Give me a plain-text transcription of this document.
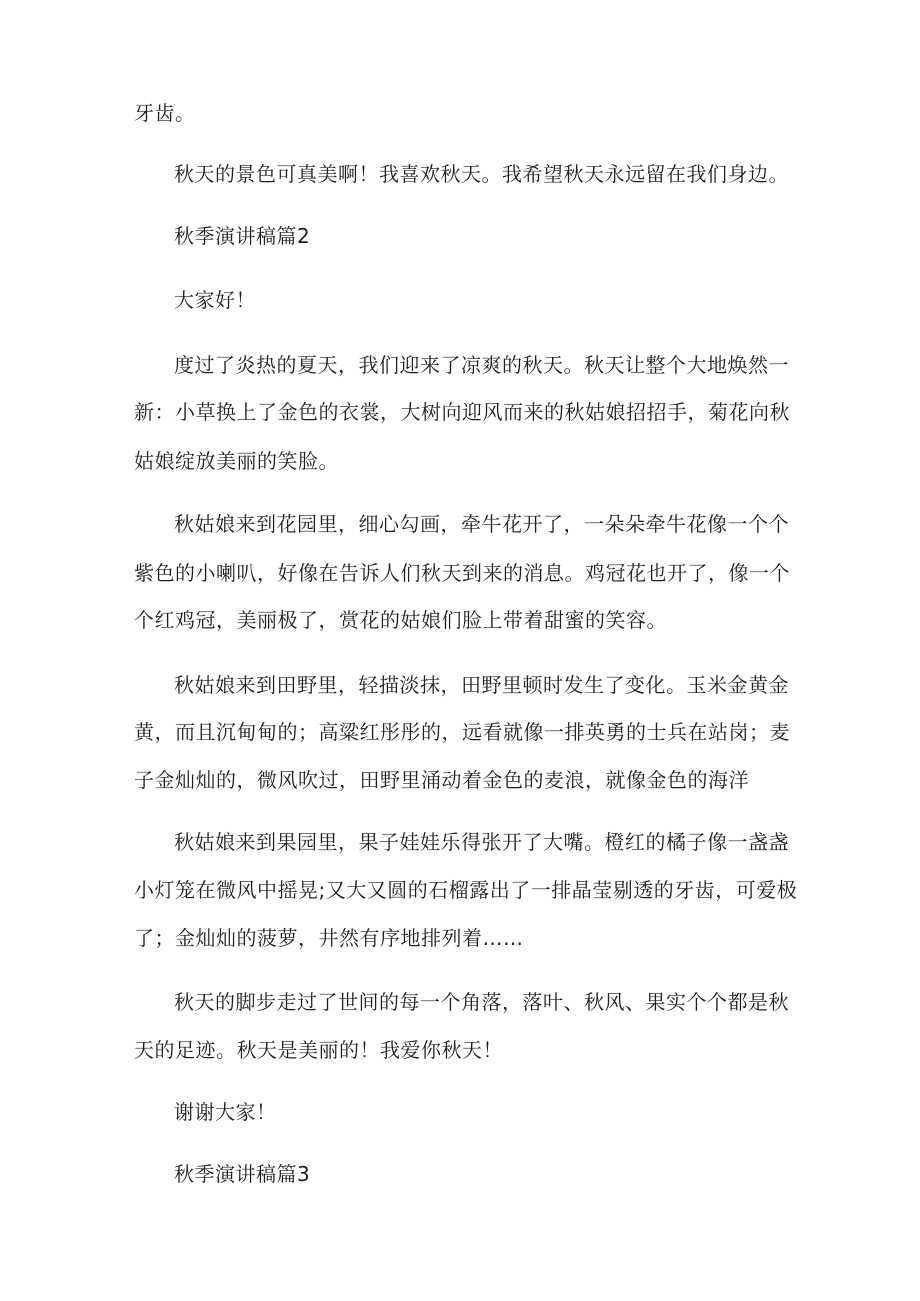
牙齿。
秋天的景色可真美啊！我喜欢秋天。我希望秋天永远留在我们身边。
秋季演讲稿篇2
大家好！
度过了炎热的夏天，我们迎来了凉爽的秋天。秋天让整个大地焕然一
新：小草换上了金色的衣裳，大树向迎风而来的秋姑娘招招手，菊花向秋
姑娘绽放美丽的笑脸。
秋姑娘来到花园里，细心勾画，牵牛花开了，一朵朵牵牛花像一个个
紫色的小喇叭，好像在告诉人们秋天到来的消息。鸡冠花也开了，像一个
个红鸡冠，美丽极了，赏花的姑娘们脸上带着甜蜜的笑容。
秋姑娘来到田野里，轻描淡抹，田野里顿时发生了变化。玉米金黄金
黄，而且沉甸甸的；高粱红彤彤的，远看就像一排英勇的士兵在站岗；麦
子金灿灿的，微风吹过，田野里涌动着金色的麦浪，就像金色的海洋
秋姑娘来到果园里，果子娃娃乐得张开了大嘴。橙红的橘子像一盏盏
小灯笼在微风中摇晃;又大又圆的石榴露出了一排晶莹剔透的牙齿，可爱极
了；金灿灿的菠萝，井然有序地排列着……
秋天的脚步走过了世间的每一个角落，落叶、秋风、果实个个都是秋
天的足迹。秋天是美丽的！我爱你秋天！
谢谢大家！
秋季演讲稿篇3
